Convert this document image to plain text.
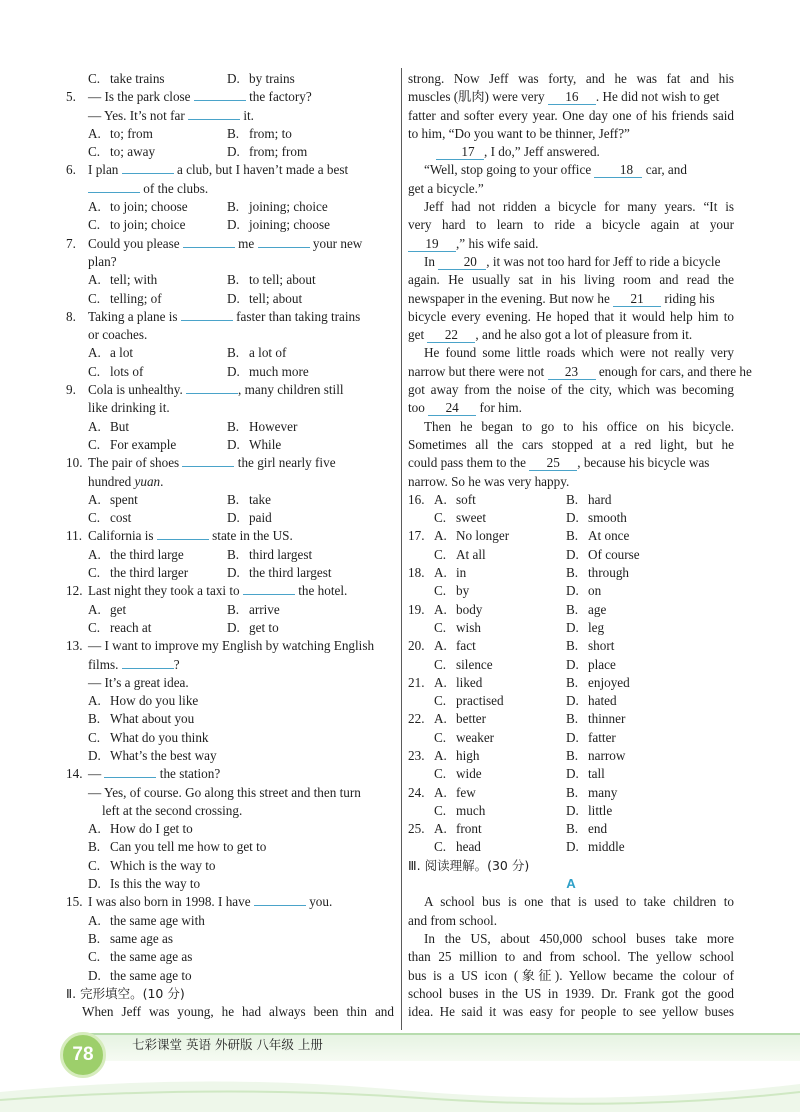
C. take trains	D. by trains
5. — Is the park close	the factory?
— Yes. It’s not far	it.
A. to; from	B. from; to
C. to; away	D. from; from
6. I plan	a club, but I haven’t made a best
of the clubs.
A. to join; choose	B. joining; choice
C. to join; choice	D. joining; choose
7. Could you please	me	your new
plan?
A. tell; with	B. to tell; about
C. telling; of	D. tell; about
8. Taking a plane is	faster than taking trains
or coaches.
A. a lot	B. a lot of
C. lots of	D. much more
9. Cola is unhealthy.	, many children still
like drinking it.
A. But	B. However
C. For example	D. While
10. The pair of shoes	the girl nearly five
hundred yuan.
A. spent	B. take
C. cost	D. paid
11. California is	state in the US.
A. the third large	B. third largest
C. the third larger	D. the third largest
12. Last night they took a taxi to	the hotel.
A. get	B. arrive
C. reach at	D. get to
13. — I want to improve my English by watching English
films.	?
— It’s a great idea.
A. How do you like
B. What about you
C. What do you think
D. What’s the best way
14. —	the station?
— Yes, of course. Go along this street and then turn
left at the second crossing.
A. How do I get to
B. Can you tell me how to get to
C. Which is the way to
D. Is this the way to
15. I was also born in 1998. I have	you.
A. the same age with
B. same age as
C. the same age as
D. the same age to
Ⅱ. 完形填空。(10 分)
When Jeff was young, he had always been thin and
strong. Now Jeff was forty, and he was fat and his
muscles (肌肉) were very 16 . He did not wish to get
fatter and softer every year. One day one of his friends said
to him, “Do you want to be thinner, Jeff?”
17 , I do,” Jeff answered.
“Well, stop going to your office 18 car, and
get a bicycle.”
Jeff had not ridden a bicycle for many years. “It is
very hard to learn to ride a bicycle again at your
19 ,” his wife said.
In 20 , it was not too hard for Jeff to ride a bicycle
again. He usually sat in his living room and read the
newspaper in the evening. But now he 21 riding his
bicycle every evening. He hoped that it would help him to
get 22 , and he also got a lot of pleasure from it.
He found some little roads which were not really very
narrow but there were not 23 enough for cars, and there he
got away from the noise of the city, which was becoming
too 24 for him.
Then he began to go to his office on his bicycle.
Sometimes all the cars stopped at a red light, but he
could pass them to the 25 , because his bicycle was
narrow. So he was very happy.
16. A. soft	B. hard
C. sweet	D. smooth
17. A. No longer	B. At once
C. At all	D. Of course
18. A. in	B. through
C. by	D. on
19. A. body	B. age
C. wish	D. leg
20. A. fact	B. short
C. silence	D. place
21. A. liked	B. enjoyed
C. practised	D. hated
22. A. better	B. thinner
C. weaker	D. fatter
23. A. high	B. narrow
C. wide	D. tall
24. A. few	B. many
C. much	D. little
25. A. front	B. end
C. head	D. middle
Ⅲ. 阅读理解。(30 分)
A
A school bus is one that is used to take children to
and from school.
In the US, about 450,000 school buses take more
than 25 million to and from school. The yellow school
bus is a US icon (象征). Yellow became the colour of
school buses in the US in 1939. Dr. Frank got the good
idea. He said it was easy for people to see yellow buses
78	七彩课堂 英语 外研版 八年级 上册
